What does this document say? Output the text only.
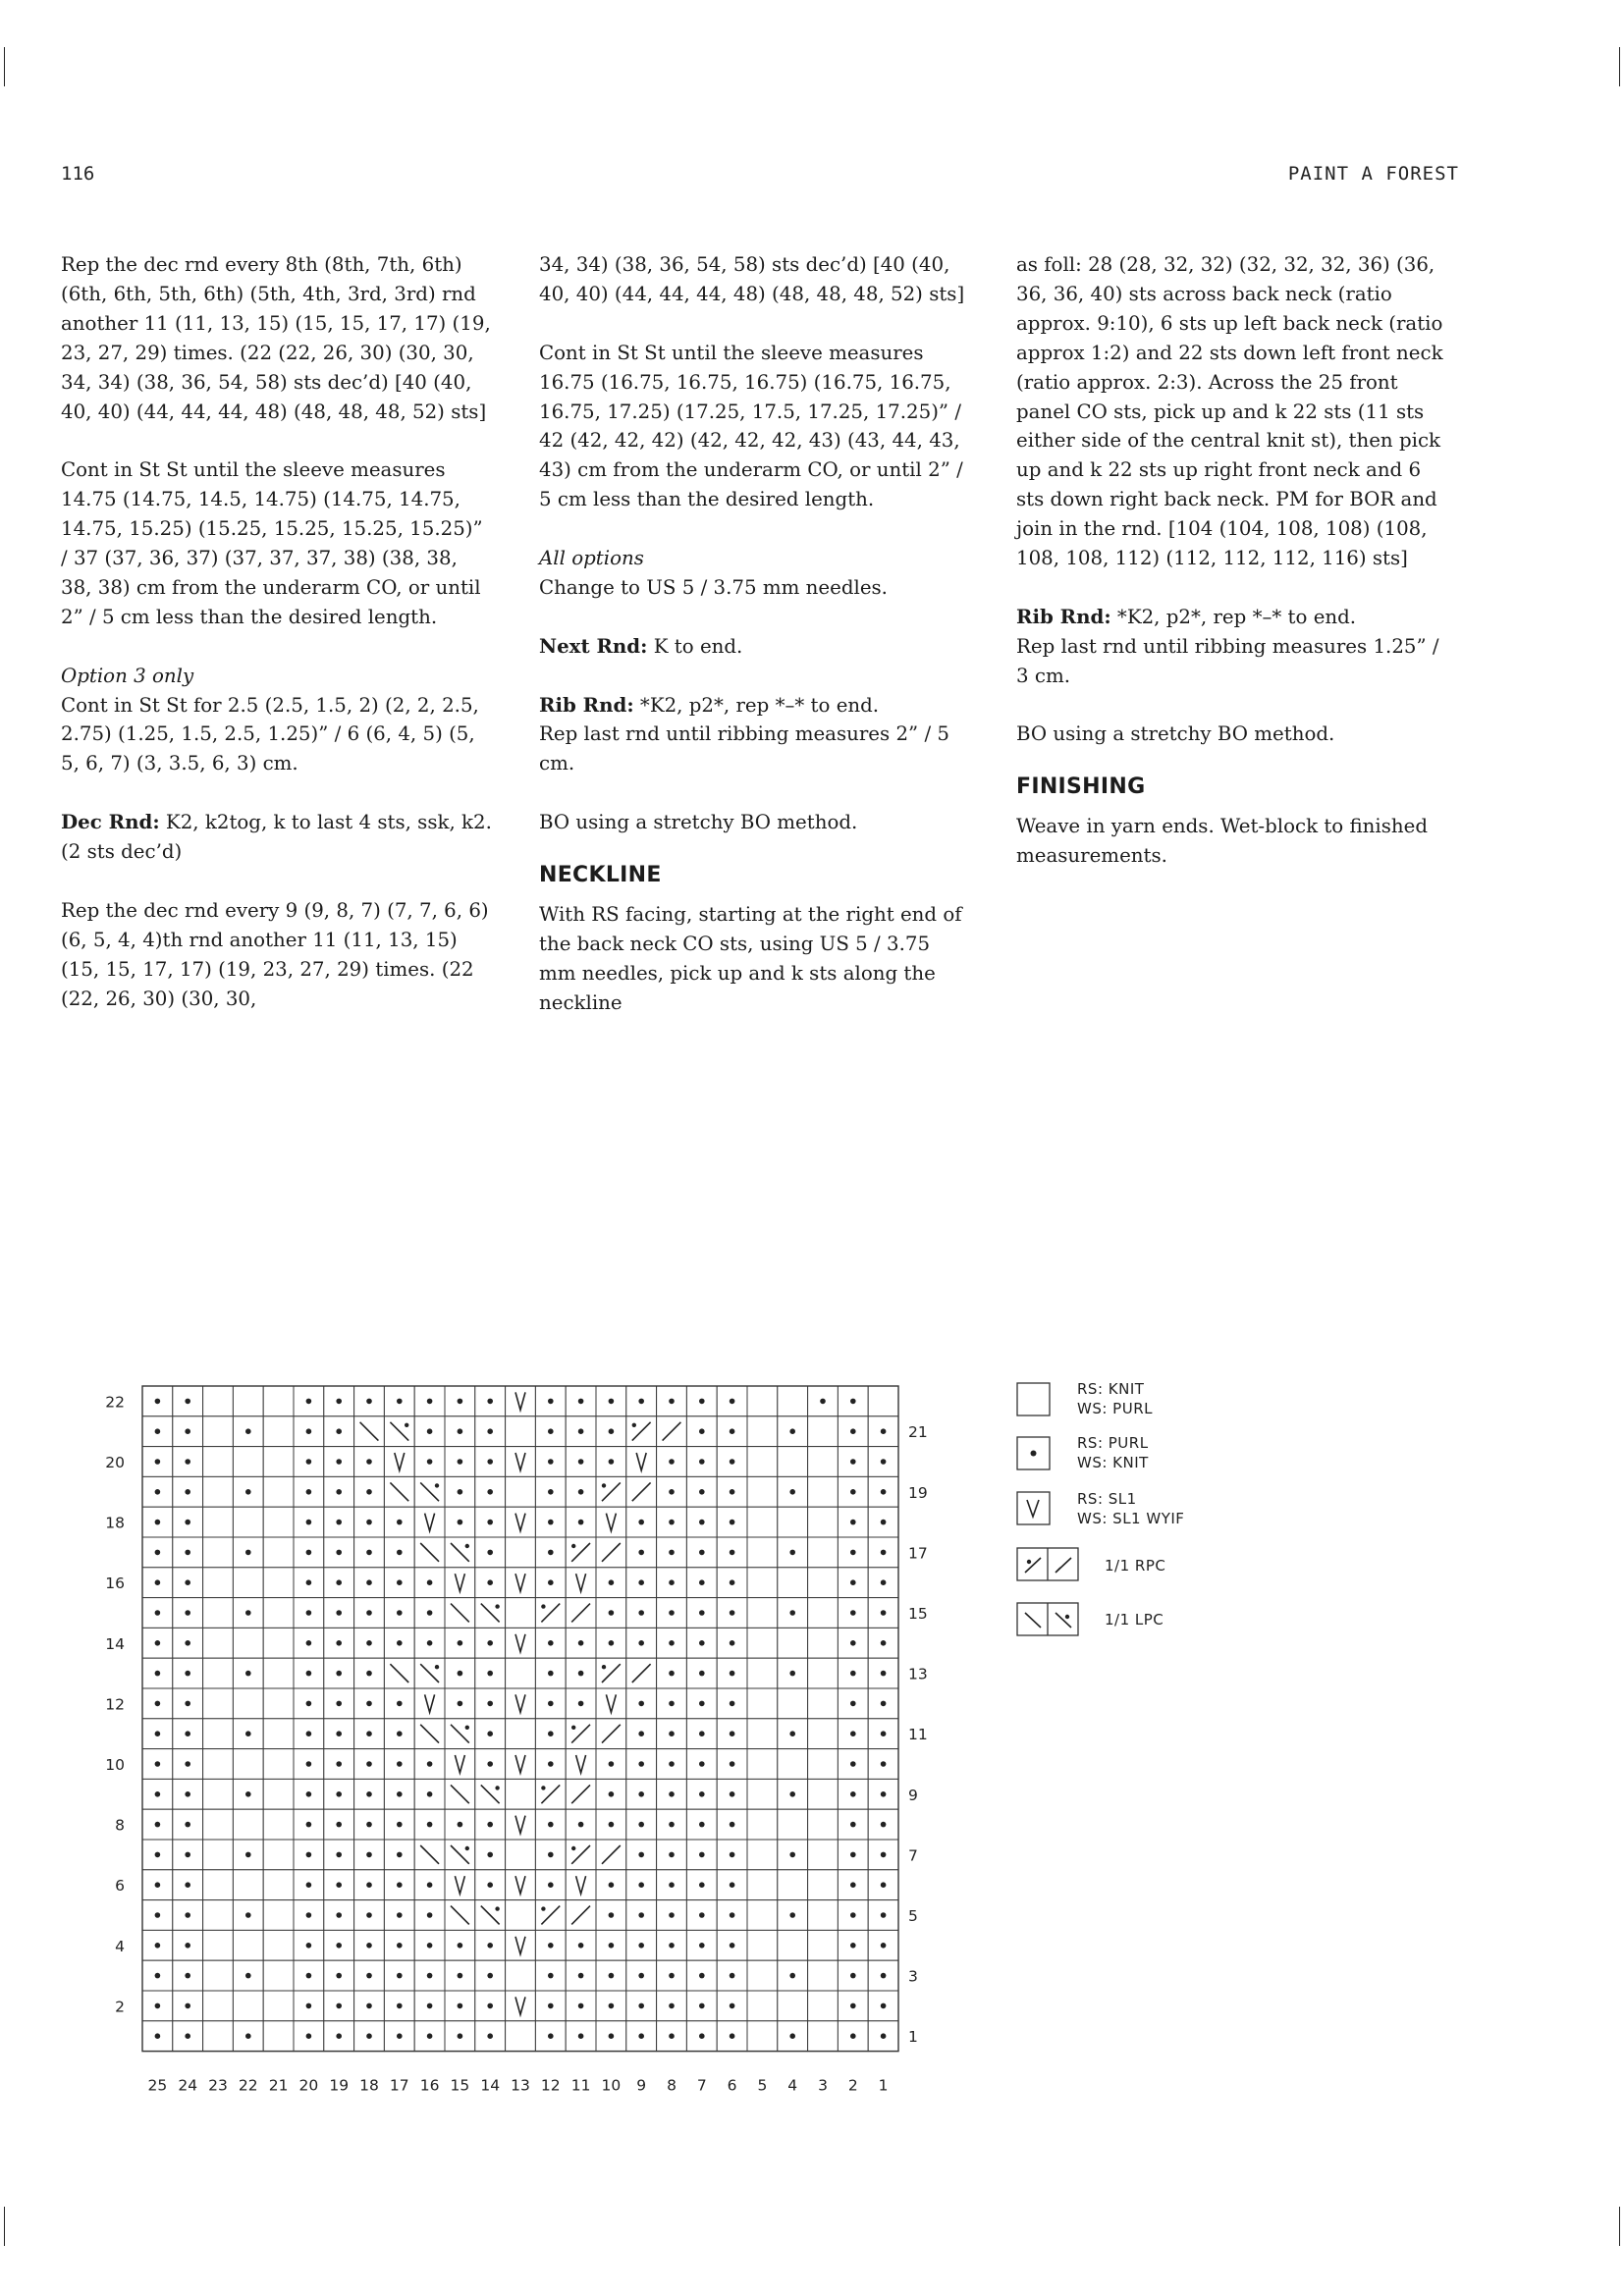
116	PAINT A FOREST

Rep the dec rnd every 8th (8th, 7th, 6th) (6th, 6th, 5th, 6th) (5th, 4th, 3rd, 3rd) rnd another 11 (11, 13, 15) (15, 15, 17, 17) (19, 23, 27, 29) times. (22 (22, 26, 30) (30, 30, 34, 34) (38, 36, 54, 58) sts dec’d) [40 (40, 40, 40) (44, 44, 44, 48) (48, 48, 48, 52) sts]

Cont in St St until the sleeve measures 14.75 (14.75, 14.5, 14.75) (14.75, 14.75, 14.75, 15.25) (15.25, 15.25, 15.25, 15.25)” / 37 (37, 36, 37) (37, 37, 37, 38) (38, 38, 38, 38) cm from the underarm CO, or until 2” / 5 cm less than the desired length.

Option 3 only
Cont in St St for 2.5 (2.5, 1.5, 2) (2, 2, 2.5, 2.75) (1.25, 1.5, 2.5, 1.25)” / 6 (6, 4, 5) (5, 5, 6, 7) (3, 3.5, 6, 3) cm.

Dec Rnd: K2, k2tog, k to last 4 sts, ssk, k2. (2 sts dec’d)

Rep the dec rnd every 9 (9, 8, 7) (7, 7, 6, 6) (6, 5, 4, 4)th rnd another 11 (11, 13, 15) (15, 15, 17, 17) (19, 23, 27, 29) times. (22 (22, 26, 30) (30, 30,

34, 34) (38, 36, 54, 58) sts dec’d) [40 (40, 40, 40) (44, 44, 44, 48) (48, 48, 48, 52) sts]

Cont in St St until the sleeve measures 16.75 (16.75, 16.75, 16.75) (16.75, 16.75, 16.75, 17.25) (17.25, 17.5, 17.25, 17.25)” / 42 (42, 42, 42) (42, 42, 42, 43) (43, 44, 43, 43) cm from the underarm CO, or until 2” / 5 cm less than the desired length.

All options
Change to US 5 / 3.75 mm needles.

Next Rnd: K to end.

Rib Rnd: *K2, p2*, rep *–* to end.
Rep last rnd until ribbing measures 2” / 5 cm.

BO using a stretchy BO method.

NECKLINE

With RS facing, starting at the right end of the back neck CO sts, using US 5 / 3.75 mm needles, pick up and k sts along the neckline

as foll: 28 (28, 32, 32) (32, 32, 32, 36) (36, 36, 36, 40) sts across back neck (ratio approx. 9:10), 6 sts up left back neck (ratio approx 1:2) and 22 sts down left front neck (ratio approx. 2:3). Across the 25 front panel CO sts, pick up and k 22 sts (11 sts either side of the central knit st), then pick up and k 22 sts up right front neck and 6 sts down right back neck. PM for BOR and join in the rnd. [104 (104, 108, 108) (108, 108, 108, 112) (112, 112, 112, 116) sts]

Rib Rnd: *K2, p2*, rep *–* to end.
Rep last rnd until ribbing measures 1.25” / 3 cm.

BO using a stretchy BO method.

FINISHING

Weave in yarn ends. Wet-block to finished measurements.

25 24 23 22 21 20 19 18 17 16 15 14 13 12 11 10 9 8 7 6 5 4 3 2 1
22
20
18
16
14
12
10
8
6
4
2
21
19
17
15
13
11
9
7
5
3
1
RS: KNIT
WS: PURL
RS: PURL
WS: KNIT
RS: SL1
WS: SL1 WYIF
1/1 RPC
1/1 LPC
